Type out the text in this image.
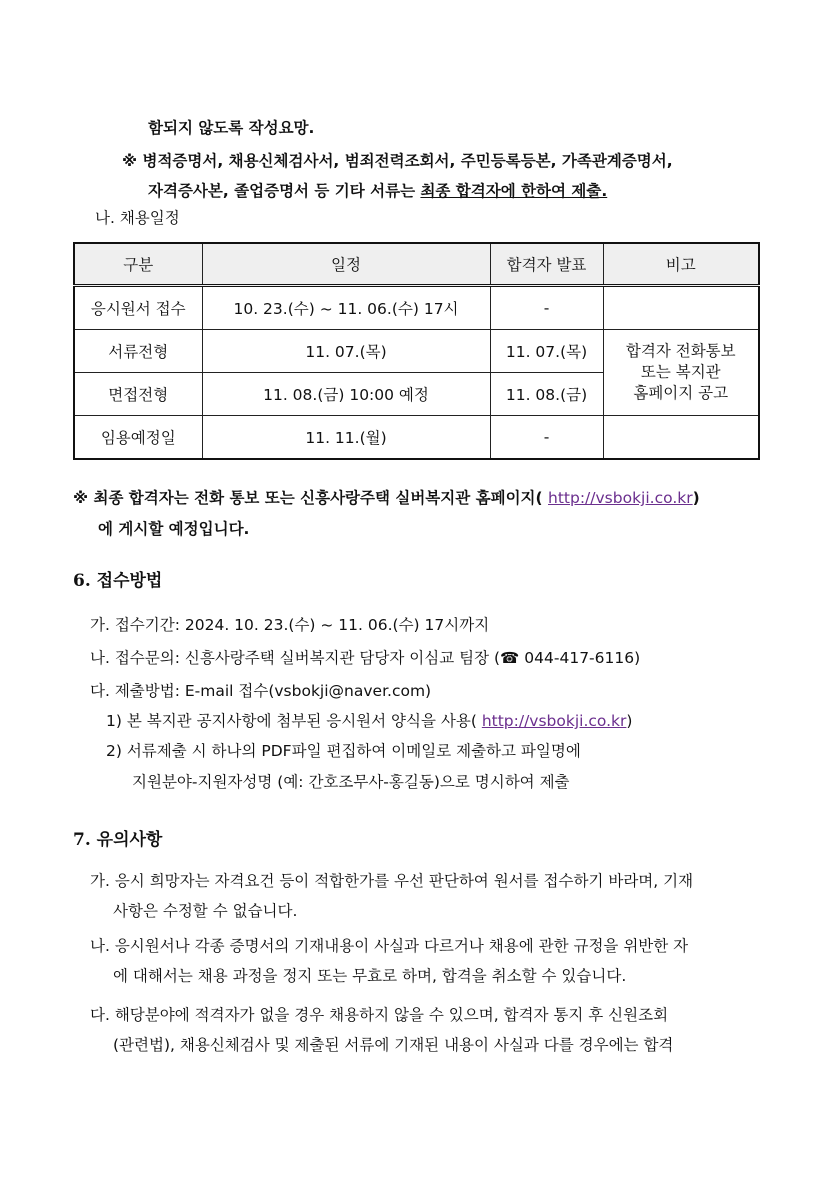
함되지 않도록 작성요망.
※ 병적증명서, 채용신체검사서, 범죄전력조회서, 주민등록등본, 가족관계증명서,
자격증사본, 졸업증명서 등 기타 서류는 최종 합격자에 한하여 제출.
나. 채용일정
구분	일정	합격자 발표	비고
응시원서 접수	10. 23.(수) ~ 11. 06.(수) 17시	-	
서류전형	11. 07.(목)	11. 07.(목)	합격자 전화통보
또는 복지관
홈페이지 공고

면접전형	11. 08.(금) 10:00 예정	11. 08.(금)	
임용예정일	11. 11.(월)	-	
※ 최종 합격자는 전화 통보 또는 신흥사랑주택 실버복지관 홈페이지( http://vsbokji.co.kr)
에 게시할 예정입니다.
6. 접수방법
가. 접수기간: 2024. 10. 23.(수) ~ 11. 06.(수) 17시까지
나. 접수문의: 신흥사랑주택 실버복지관 담당자 이심교 팀장 (☎ 044-417-6116)
다. 제출방법: E-mail 접수(vsbokji@naver.com)
1) 본 복지관 공지사항에 첨부된 응시원서 양식을 사용( http://vsbokji.co.kr)
2) 서류제출 시 하나의 PDF파일 편집하여 이메일로 제출하고 파일명에
지원분야-지원자성명 (예: 간호조무사-홍길동)으로 명시하여 제출
7. 유의사항
가. 응시 희망자는 자격요건 등이 적합한가를 우선 판단하여 원서를 접수하기 바라며, 기재
사항은 수정할 수 없습니다.
나. 응시원서나 각종 증명서의 기재내용이 사실과 다르거나 채용에 관한 규정을 위반한 자
에 대해서는 채용 과정을 정지 또는 무효로 하며, 합격을 취소할 수 있습니다.
다. 해당분야에 적격자가 없을 경우 채용하지 않을 수 있으며, 합격자 통지 후 신원조회
(관련법), 채용신체검사 및 제출된 서류에 기재된 내용이 사실과 다를 경우에는 합격
